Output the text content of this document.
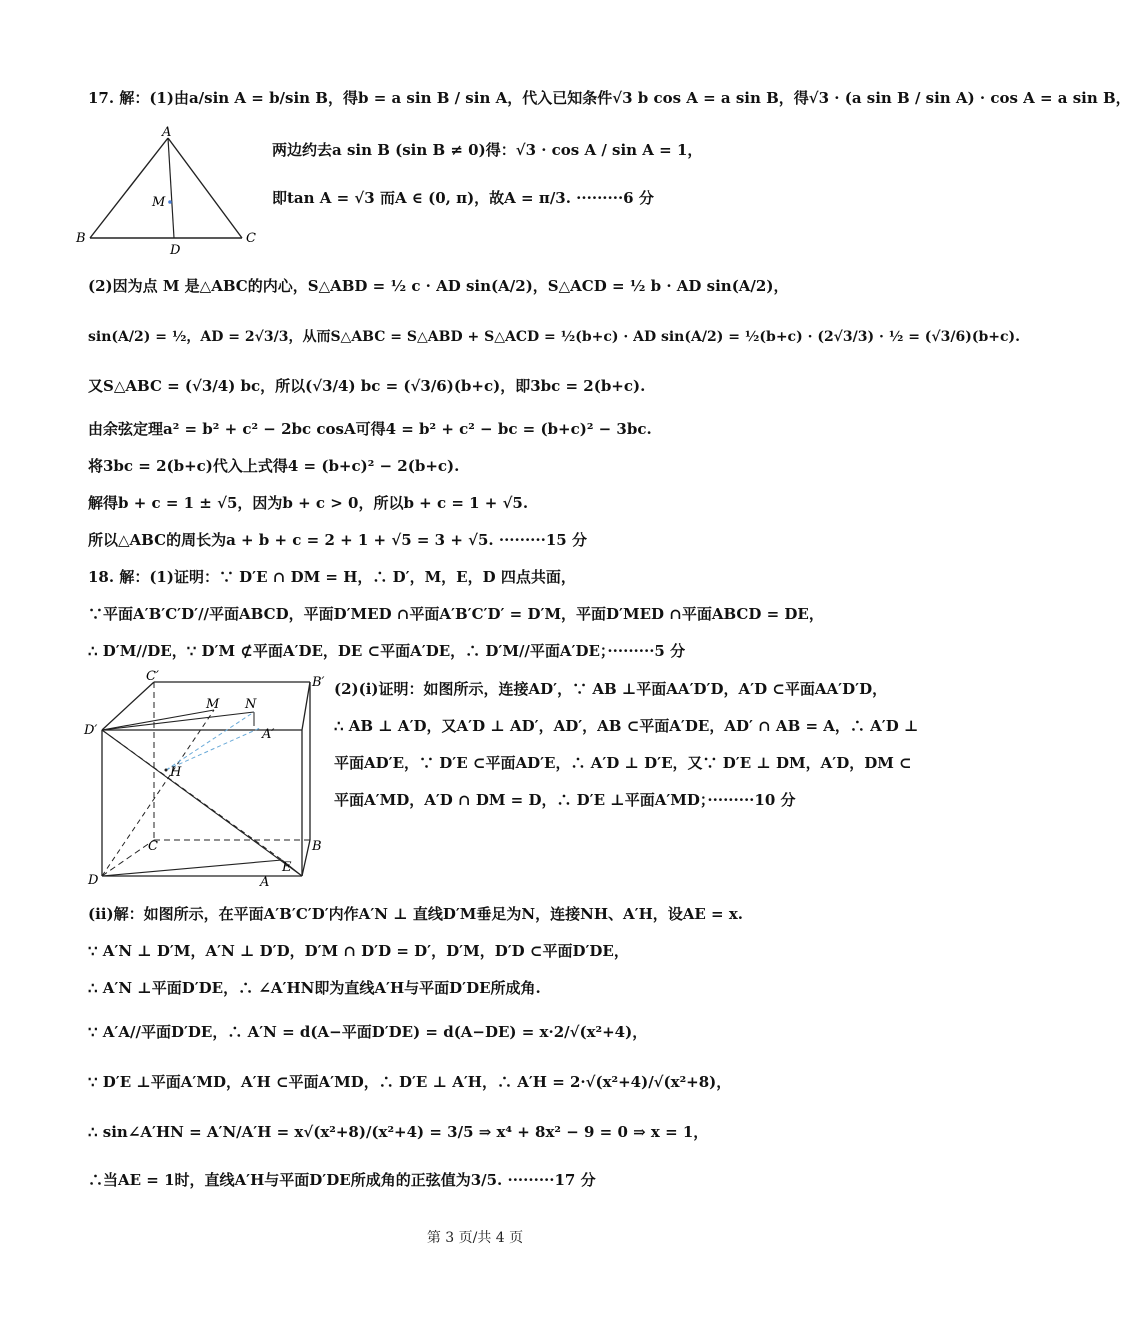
17. 解：(1)由a/sin A = b/sin B，得b = a sin B / sin A，代入已知条件√3 b cos A = a sin B，得√3 · (a sin B / sin A) · cos A = a sin B，
A
M
B
D
C
两边约去a sin B (sin B ≠ 0)得：√3 · cos A / sin A = 1，
即tan A = √3 而A ∈ (0, π)，故A = π/3. ·········6 分
(2)因为点 M 是△ABC的内心，S△ABD = ½ c · AD sin(A/2)，S△ACD = ½ b · AD sin(A/2)，
sin(A/2) = ½，AD = 2√3/3，从而S△ABC = S△ABD + S△ACD = ½(b+c) · AD sin(A/2) = ½(b+c) · (2√3/3) · ½ = (√3/6)(b+c).
又S△ABC = (√3/4) bc，所以(√3/4) bc = (√3/6)(b+c)，即3bc = 2(b+c).
由余弦定理a² = b² + c² − 2bc cosA可得4 = b² + c² − bc = (b+c)² − 3bc.
将3bc = 2(b+c)代入上式得4 = (b+c)² − 2(b+c).
解得b + c = 1 ± √5，因为b + c > 0，所以b + c = 1 + √5.
所以△ABC的周长为a + b + c = 2 + 1 + √5 = 3 + √5. ·········15 分
18. 解：(1)证明：∵ D′E ∩ DM = H，∴ D′，M，E，D 四点共面，
∵平面A′B′C′D′//平面ABCD，平面D′MED ∩平面A′B′C′D′ = D′M，平面D′MED ∩平面ABCD = DE，
∴ D′M//DE，∵ D′M ⊄平面A′DE，DE ⊂平面A′DE，∴ D′M//平面A′DE；·········5 分
C′	B′
D′
M N
A′
H
C	B
D
E
A
(2)(i)证明：如图所示，连接AD′，∵ AB ⊥平面AA′D′D，A′D ⊂平面AA′D′D，
∴ AB ⊥ A′D，又A′D ⊥ AD′，AD′，AB ⊂平面A′DE，AD′ ∩ AB = A，∴ A′D ⊥
平面AD′E，∵ D′E ⊂平面AD′E，∴ A′D ⊥ D′E，又∵ D′E ⊥ DM，A′D，DM ⊂
平面A′MD，A′D ∩ DM = D，∴ D′E ⊥平面A′MD；·········10 分
(ⅱ)解：如图所示，在平面A′B′C′D′内作A′N ⊥ 直线D′M垂足为N，连接NH、A′H，设AE = x.
∵ A′N ⊥ D′M，A′N ⊥ D′D，D′M ∩ D′D = D′，D′M，D′D ⊂平面D′DE，
∴ A′N ⊥平面D′DE，∴ ∠A′HN即为直线A′H与平面D′DE所成角.
∵ A′A//平面D′DE，∴ A′N = d(A−平面D′DE) = d(A−DE) = x·2/√(x²+4)，
∵ D′E ⊥平面A′MD，A′H ⊂平面A′MD，∴ D′E ⊥ A′H，∴ A′H = 2·√(x²+4)/√(x²+8)，
∴ sin∠A′HN = A′N/A′H = x√(x²+8)/(x²+4) = 3/5 ⇒ x⁴ + 8x² − 9 = 0 ⇒ x = 1，
∴当AE = 1时，直线A′H与平面D′DE所成角的正弦值为3/5. ·········17 分
第 3 页/共 4 页
